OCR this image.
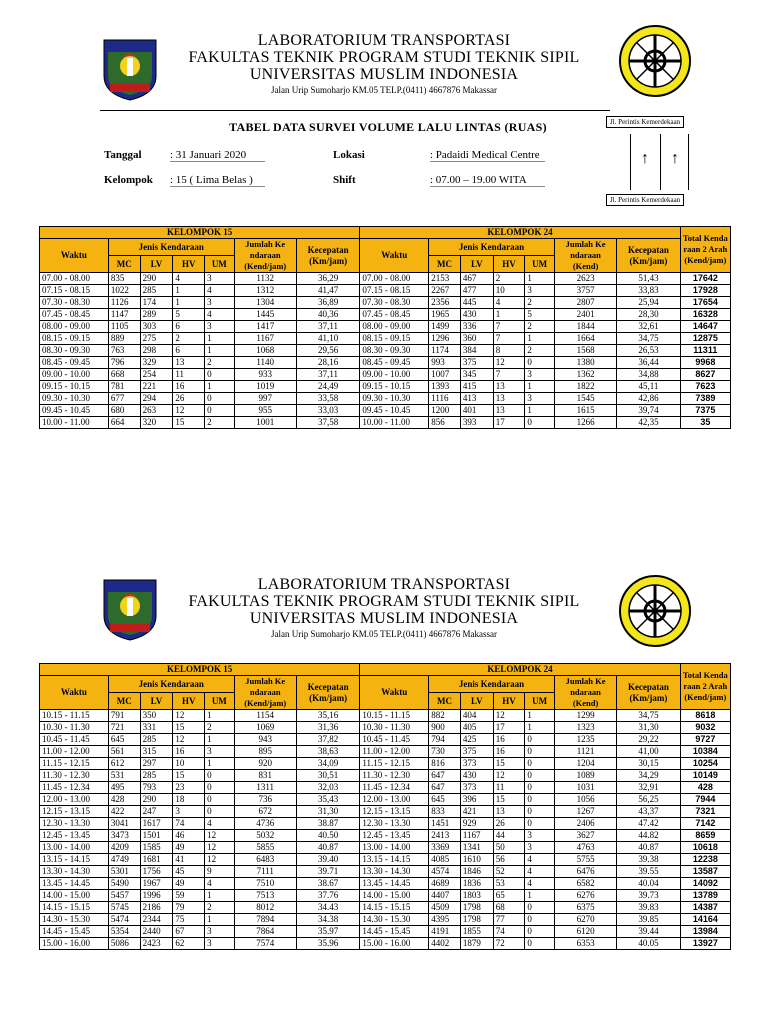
LABORATORIUM TRANSPORTASI
FAKULTAS TEKNIK PROGRAM STUDI TEKNIK SIPIL
UNIVERSITAS MUSLIM INDONESIA
Jalan Urip Sumoharjo KM.05 TELP.(0411) 4667876 Makassar
TABEL DATA SURVEI VOLUME LALU LINTAS (RUAS)
Tanggal	: 31 Januari 2020
Kelompok : 15 ( Lima Belas )
Lokasi	: Padaidi Medical Centre
Shift	: 07.00 – 19.00 WITA
Jl. Perintis Kemerdekaan
↑ ↑
Jl. Perintis Kemerdekaan
KELOMPOK 15							KELOMPOK 24							Total Kenda raan 2 Arah (Kend/jam)
Waktu	Jenis Kendaraan				Jumlah Ke ndaraan (Kend/jam)	Kecepatan (Km/jam)	Waktu	Jenis Kendaraan				Jumlah Ke ndaraan (Kend)	Kecepatan (Km/jam)	
	MC	LV	HV	UM				MC	LV	HV	UM			
07.00 - 08.00	835	290	4	3	1132	36,29	07.00 - 08.00	2153	467	2	1	2623	51,43	17642
07.15 - 08.15	1022	285	1	4	1312	41,47	07.15 - 08.15	2267	477	10	3	3757	33,83	17928
07.30 - 08.30	1126	174	1	3	1304	36,89	07.30 - 08.30	2356	445	4	2	2807	25,94	17654
07.45 - 08.45	1147	289	5	4	1445	40,36	07.45 - 08.45	1965	430	1	5	2401	28,30	16328
08.00 - 09.00	1105	303	6	3	1417	37,11	08.00 - 09.00	1499	336	7	2	1844	32,61	14647
08.15 - 09.15	889	275	2	1	1167	41,10	08.15 - 09.15	1296	360	7	1	1664	34,75	12875
08.30 - 09.30	763	298	6	1	1068	29,56	08.30 - 09.30	1174	384	8	2	1568	26,53	11311
08.45 - 09.45	796	329	13	2	1140	28,16	08.45 - 09.45	993	375	12	0	1380	36,44	9968
09.00 - 10.00	668	254	11	0	933	37,11	09.00 - 10.00	1007	345	7	3	1362	34,88	8627
09.15 - 10.15	781	221	16	1	1019	24,49	09.15 - 10.15	1393	415	13	1	1822	45,11	7623
09.30 - 10.30	677	294	26	0	997	33,58	09.30 - 10.30	1116	413	13	3	1545	42,86	7389
09.45 - 10.45	680	263	12	0	955	33,03	09.45 - 10.45	1200	401	13	1	1615	39,74	7375
10.00 - 11.00	664	320	15	2	1001	37,58	10.00 - 11.00	856	393	17	0	1266	42,35	35
LABORATORIUM TRANSPORTASI
FAKULTAS TEKNIK PROGRAM STUDI TEKNIK SIPIL
UNIVERSITAS MUSLIM INDONESIA
Jalan Urip Sumoharjo KM.05 TELP.(0411) 4667876 Makassar
KELOMPOK 15							KELOMPOK 24							Total Kenda raan 2 Arah (Kend/jam)
Waktu	Jenis Kendaraan				Jumlah Ke ndaraan (Kend/jam)	Kecepatan (Km/jam)	Waktu	Jenis Kendaraan				Jumlah Ke ndaraan (Kend)	Kecepatan (Km/jam)	
	MC	LV	HV	UM				MC	LV	HV	UM			
10.15 - 11.15	791	350	12	1	1154	35,16	10.15 - 11.15	882	404	12	1	1299	34,75	8618
10.30 - 11.30	721	331	15	2	1069	31,36	10.30 - 11.30	900	405	17	1	1323	31,30	9032
10.45 - 11.45	645	285	12	1	943	37,82	10.45 - 11.45	794	425	16	0	1235	29,22	9727
11.00 - 12.00	561	315	16	3	895	38,63	11.00 - 12.00	730	375	16	0	1121	41,00	10384
11.15 - 12.15	612	297	10	1	920	34,09	11.15 - 12.15	816	373	15	0	1204	30,15	10254
11.30 - 12.30	531	285	15	0	831	30,51	11.30 - 12.30	647	430	12	0	1089	34,29	10149
11.45 - 12.34	495	793	23	0	1311	32,03	11.45 - 12.34	647	373	11	0	1031	32,91	428
12.00 - 13.00	428	290	18	0	736	35,43	12.00 - 13.00	645	396	15	0	1056	56,25	7944
12.15 - 13.15	422	247	3	0	672	31,30	12.15 - 13.15	833	421	13	0	1267	43,37	7321
12.30 - 13.30	3041	1617	74	4	4736	38.87	12.30 - 13.30	1451	929	26	0	2406	47.42	7142
12.45 - 13.45	3473	1501	46	12	5032	40.50	12.45 - 13.45	2413	1167	44	3	3627	44.82	8659
13.00 - 14.00	4209	1585	49	12	5855	40.87	13.00 - 14.00	3369	1341	50	3	4763	40.87	10618
13.15 - 14.15	4749	1681	41	12	6483	39.40	13.15 - 14.15	4085	1610	56	4	5755	39.38	12238
13.30 - 14.30	5301	1756	45	9	7111	39.71	13.30 - 14.30	4574	1846	52	4	6476	39.55	13587
13.45 - 14.45	5490	1967	49	4	7510	38.67	13.45 - 14.45	4689	1836	53	4	6582	40.04	14092
14.00 - 15.00	5457	1996	59	1	7513	37.76	14.00 - 15.00	4407	1803	65	1	6276	39.73	13789
14.15 - 15.15	5745	2186	79	2	8012	34.43	14.15 - 15.15	4509	1798	68	0	6375	39.83	14387
14.30 - 15.30	5474	2344	75	1	7894	34.38	14.30 - 15.30	4395	1798	77	0	6270	39.85	14164
14.45 - 15.45	5354	2440	67	3	7864	35.97	14.45 - 15.45	4191	1855	74	0	6120	39.44	13984
15.00 - 16.00	5086	2423	62	3	7574	35.96	15.00 - 16.00	4402	1879	72	0	6353	40.05	13927
